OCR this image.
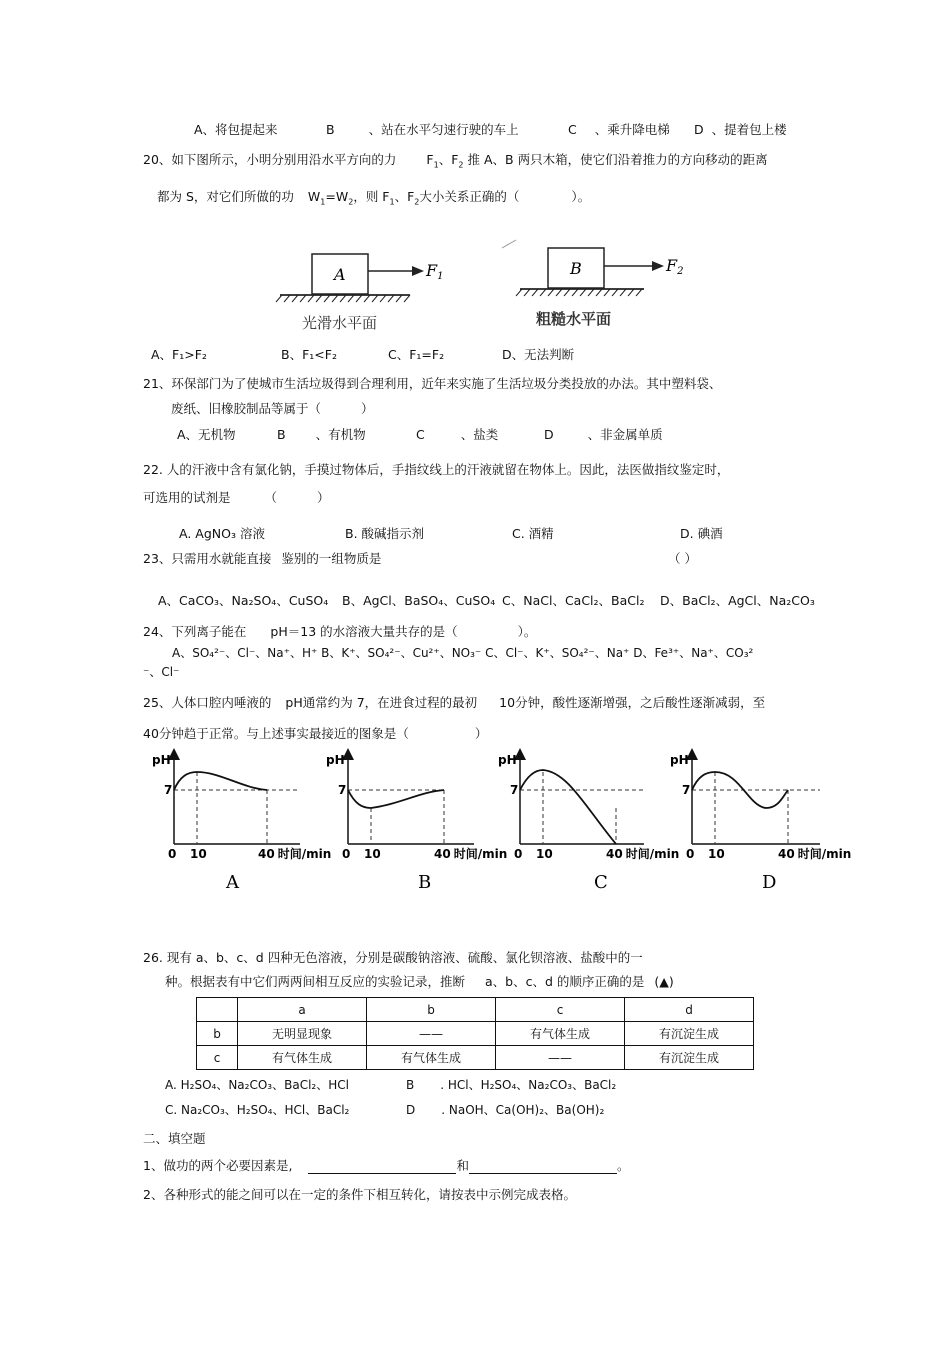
A、将包提起来	B	、站在水平匀速行驶的车上	C 、乘升降电梯 D 、提着包上楼
20、如下图所示，小明分别用沿水平方向的力 $F_1$、$F_2$ 推 A、B 两只木箱，使它们沿着推力的方向移动的距离
都为 S，对它们所做的功 $W_1=W_2$，则 $F_1$、$F_2$大小关系正确的（	）。
A	F1
光滑水平面
B	F2
粗糙水平面
A、F₁>F₂	B、F₁<F₂	C、F₁=F₂	D、无法判断
21、环保部门为了使城市生活垃圾得到合理利用，近年来实施了生活垃圾分类投放的办法。其中塑料袋、
废纸、旧橡胶制品等属于（	）
A、无机物	B 、有机物	C	、盐类	D	、非金属单质
22. 人的汗液中含有氯化钠，手摸过物体后，手指纹线上的汗液就留在物体上。因此，法医做指纹鉴定时，
可选用的试剂是	（	）
A. AgNO₃ 溶液	B. 酸碱指示剂	C. 酒精	D. 碘酒
23、只需用水就能直接 鉴别的一组物质是	（ ）
A、CaCO₃、Na₂SO₄、CuSO₄ B、AgCl、BaSO₄、CuSO₄ C、NaCl、CaCl₂、BaCl₂ D、BaCl₂、AgCl、Na₂CO₃
24、下列离子能在 pH＝13 的水溶液大量共存的是（	）。
A、SO₄²⁻、Cl⁻、Na⁺、H⁺ B、K⁺、SO₄²⁻、Cu²⁺、NO₃⁻ C、Cl⁻、K⁺、SO₄²⁻、Na⁺ D、Fe³⁺、Na⁺、CO₃²
⁻、Cl⁻
25、人体口腔内唾液的 pH通常约为 7，在进食过程的最初 10分钟，酸性逐渐增强，之后酸性逐渐减弱，至
40分钟趋于正常。与上述事实最接近的图象是（	）
pH
7
0 10	40 时间/min
A
pH
7
0 10	40 时间/min
B
pH
7
0 10	40 时间/min
C
pH
7
0 10	40 时间/min
D
26. 现有 a、b、c、d 四种无色溶液，分别是碳酸钠溶液、硫酸、氯化钡溶液、盐酸中的一
种。根据表有中它们两两间相互反应的实验记录，推断 a、b、c、d 的顺序正确的是 (▲)
	a	b	c	d
b	无明显现象	——	有气体生成	有沉淀生成
c	有气体生成	有气体生成	——	有沉淀生成
A. H₂SO₄、Na₂CO₃、BaCl₂、HCl	B . HCl、H₂SO₄、Na₂CO₃、BaCl₂
C. Na₂CO₃、H₂SO₄、HCl、BaCl₂	D . NaOH、Ca(OH)₂、Ba(OH)₂
二、填空题
1、做功的两个必要因素是,	和	。
2、各种形式的能之间可以在一定的条件下相互转化，请按表中示例完成表格。
